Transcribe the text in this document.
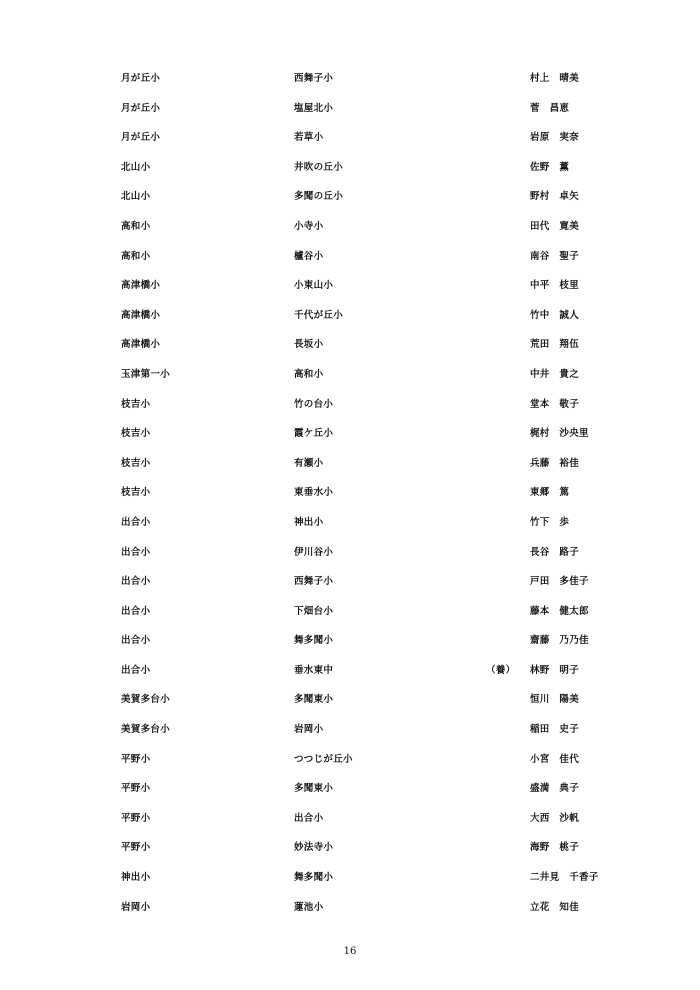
月が丘小	西舞子小	村上　晴美
月が丘小	塩屋北小	菅　昌恵
月が丘小	若草小	岩原　実奈
北山小	井吹の丘小	佐野　薫
北山小	多聞の丘小	野村　卓矢
高和小	小寺小	田代　寛美
高和小	櫨谷小	南谷　聖子
高津橋小	小東山小	中平　枝里
高津橋小	千代が丘小	竹中　誠人
高津橋小	長坂小	荒田　翔伍
玉津第一小	高和小	中井　貴之
枝吉小	竹の台小	堂本　敬子
枝吉小	霞ケ丘小	梶村　沙央里
枝吉小	有瀬小	兵藤　裕佳
枝吉小	東垂水小	東郷　篤
出合小	神出小	竹下　歩
出合小	伊川谷小	長谷　路子
出合小	西舞子小	戸田　多佳子
出合小	下畑台小	藤本　健太郎
出合小	舞多聞小	齋藤　乃乃佳
出合小	垂水東中	（養） 林野　明子
美賀多台小	多聞東小	恒川　陽美
美賀多台小	岩岡小	稲田　史子
平野小	つつじが丘小	小宮　佳代
平野小	多聞東小	盛満　典子
平野小	出合小	大西　沙帆
平野小	妙法寺小	海野　桃子
神出小	舞多聞小	二井見　千香子
岩岡小	蓮池小	立花　知佳
16
